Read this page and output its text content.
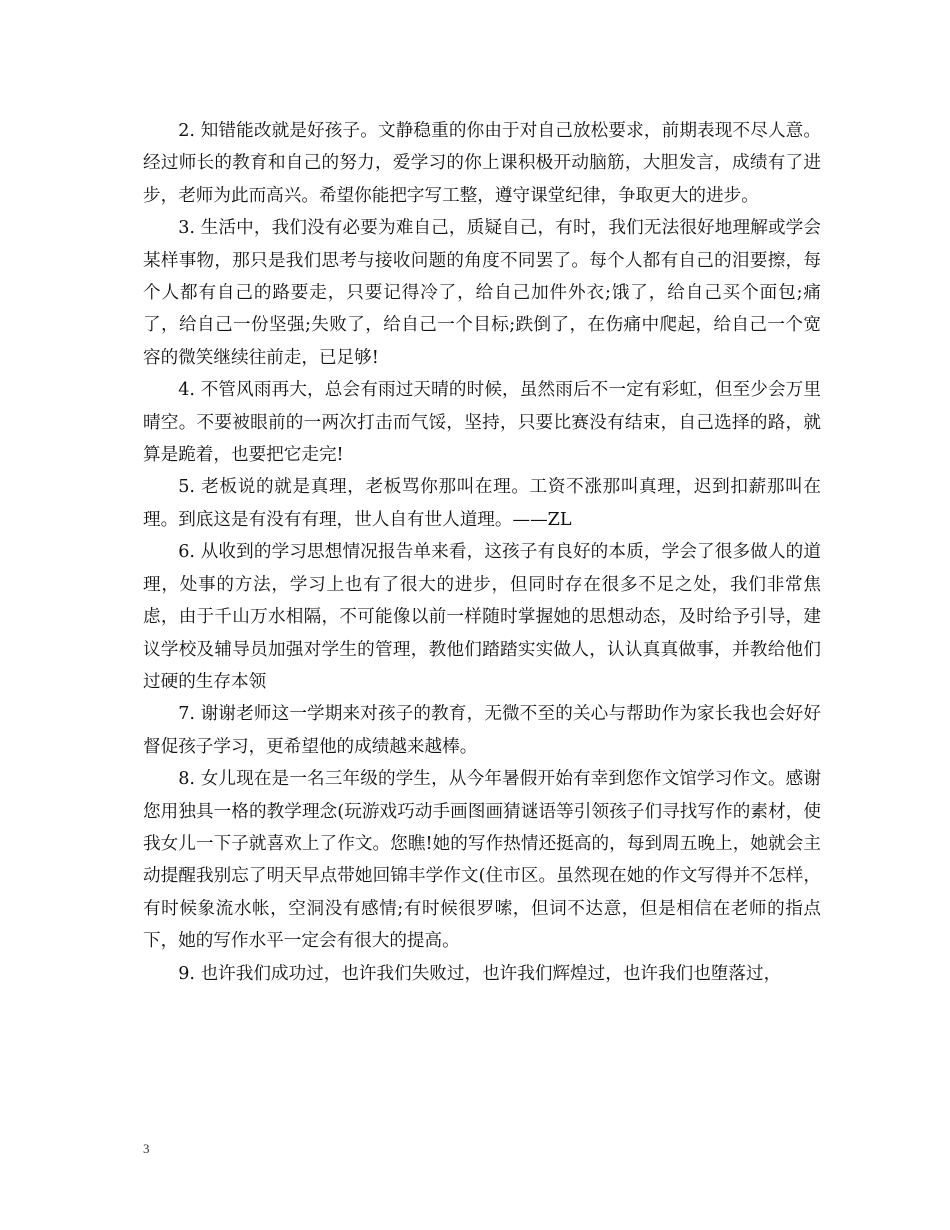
2. 知错能改就是好孩子。文静稳重的你由于对自己放松要求，前期表现不尽人意。经过师长的教育和自己的努力，爱学习的你上课积极开动脑筋，大胆发言，成绩有了进步，老师为此而高兴。希望你能把字写工整，遵守课堂纪律，争取更大的进步。

3. 生活中，我们没有必要为难自己，质疑自己，有时，我们无法很好地理解或学会某样事物，那只是我们思考与接收问题的角度不同罢了。每个人都有自己的泪要擦，每个人都有自己的路要走，只要记得冷了，给自己加件外衣;饿了，给自己买个面包;痛了，给自己一份坚强;失败了，给自己一个目标;跌倒了，在伤痛中爬起，给自己一个宽容的微笑继续往前走，已足够!

4. 不管风雨再大，总会有雨过天晴的时候，虽然雨后不一定有彩虹，但至少会万里晴空。不要被眼前的一两次打击而气馁，坚持，只要比赛没有结束，自己选择的路，就算是跪着，也要把它走完!

5. 老板说的就是真理，老板骂你那叫在理。工资不涨那叫真理，迟到扣薪那叫在理。到底这是有没有有理，世人自有世人道理。——ZL

6. 从收到的学习思想情况报告单来看，这孩子有良好的本质，学会了很多做人的道理，处事的方法，学习上也有了很大的进步，但同时存在很多不足之处，我们非常焦虑，由于千山万水相隔，不可能像以前一样随时掌握她的思想动态，及时给予引导，建议学校及辅导员加强对学生的管理，教他们踏踏实实做人，认认真真做事，并教给他们过硬的生存本领

7. 谢谢老师这一学期来对孩子的教育，无微不至的关心与帮助作为家长我也会好好督促孩子学习，更希望他的成绩越来越棒。

8. 女儿现在是一名三年级的学生，从今年暑假开始有幸到您作文馆学习作文。感谢您用独具一格的教学理念(玩游戏巧动手画图画猜谜语等引领孩子们寻找写作的素材，使我女儿一下子就喜欢上了作文。您瞧!她的写作热情还挺高的，每到周五晚上，她就会主动提醒我别忘了明天早点带她回锦丰学作文(住市区。虽然现在她的作文写得并不怎样，有时候象流水帐，空洞没有感情;有时候很罗嗦，但词不达意，但是相信在老师的指点下，她的写作水平一定会有很大的提高。

9. 也许我们成功过，也许我们失败过，也许我们辉煌过，也许我们也堕落过，

3
